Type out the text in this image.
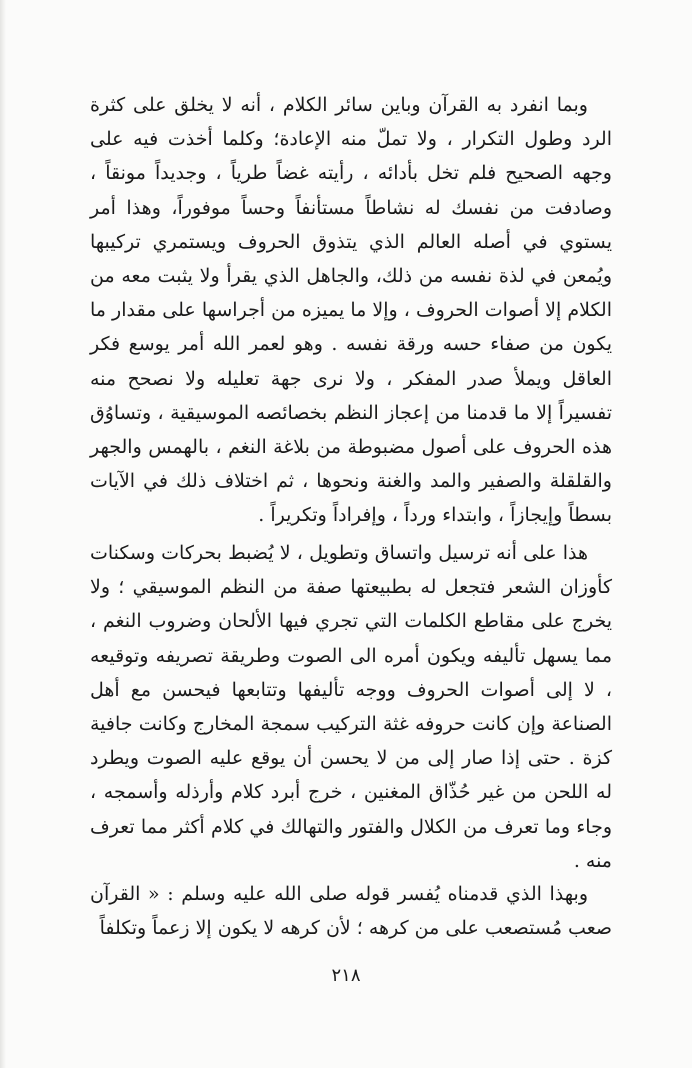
وبما انفرد به القرآن وباين سائر الكلام ، أنه لا يخلق على كثرة الرد وطول التكرار ، ولا تملّ منه الإعادة؛ وكلما أخذت فيه على وجهه الصحيح فلم تخل بأدائه ، رأيته غضاً طرياً ، وجديداً مونقاً ، وصادفت من نفسك له نشاطاً مستأنفاً وحساً موفوراً، وهذا أمر يستوي في أصله العالم الذي يتذوق الحروف ويستمري تركيبها ويُمعن في لذة نفسه من ذلك، والجاهل الذي يقرأ ولا يثبت معه من الكلام إلا أصوات الحروف ، وإلا ما يميزه من أجراسها على مقدار ما يكون من صفاء حسه ورقة نفسه . وهو لعمر الله أمر يوسع فكر العاقل ويملأ صدر المفكر ، ولا نرى جهة تعليله ولا نصحح منه تفسيراً إلا ما قدمنا من إعجاز النظم بخصائصه الموسيقية ، وتساوُق هذه الحروف على أصول مضبوطة من بلاغة النغم ، بالهمس والجهر والقلقلة والصفير والمد والغنة ونحوها ، ثم اختلاف ذلك في الآيات بسطاً وإيجازاً ، وابتداء ورداً ، وإفراداً وتكريراً .

هذا على أنه ترسيل واتساق وتطويل ، لا يُضبط بحركات وسكنات كأوزان الشعر فتجعل له بطبيعتها صفة من النظم الموسيقي ؛ ولا يخرج على مقاطع الكلمات التي تجري فيها الألحان وضروب النغم ، مما يسهل تأليفه ويكون أمره الى الصوت وطريقة تصريفه وتوقيعه ، لا إلى أصوات الحروف ووجه تأليفها وتتابعها فيحسن مع أهل الصناعة وإن كانت حروفه غثة التركيب سمجة المخارج وكانت جافية كزة . حتى إذا صار إلى من لا يحسن أن يوقع عليه الصوت ويطرد له اللحن من غير حُذّاق المغنين ، خرج أبرد كلام وأرذله وأسمجه ، وجاء وما تعرف من الكلال والفتور والتهالك في كلام أكثر مما تعرف منه .

وبهذا الذي قدمناه يُفسر قوله صلى الله عليه وسلم : « القرآن صعب مُستصعب على من كرهه ؛ لأن كرهه لا يكون إلا زعماً وتكلفاً

٢١٨
